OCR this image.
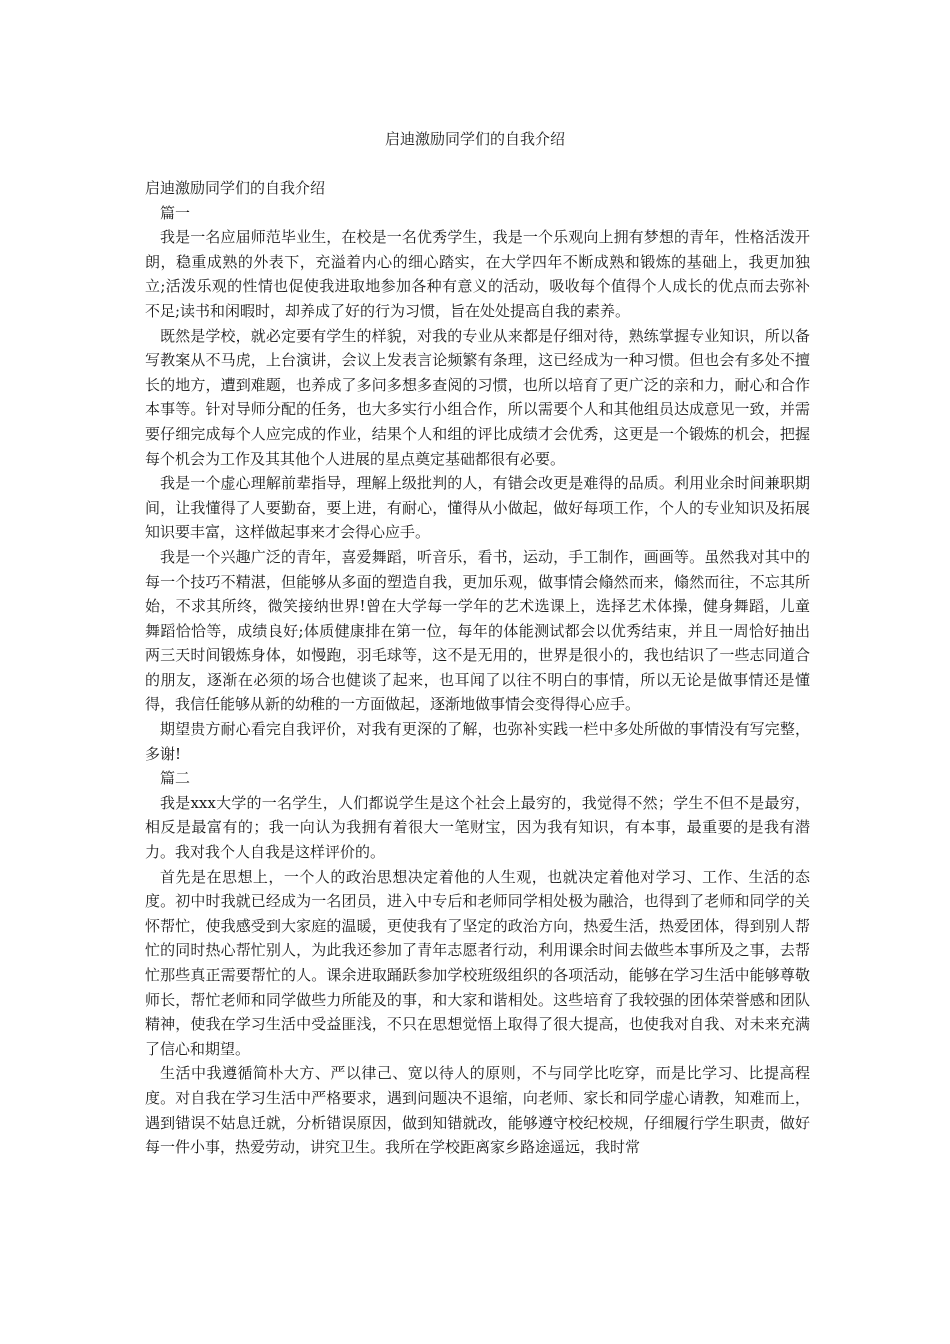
启迪激励同学们的自我介绍

启迪激励同学们的自我介绍

篇一

我是一名应届师范毕业生，在校是一名优秀学生，我是一个乐观向上拥有梦想的青年，性格活泼开朗，稳重成熟的外表下，充溢着内心的细心踏实，在大学四年不断成熟和锻炼的基础上，我更加独立;活泼乐观的性情也促使我进取地参加各种有意义的活动，吸收每个值得个人成长的优点而去弥补不足;读书和闲暇时，却养成了好的行为习惯，旨在处处提高自我的素养。

既然是学校，就必定要有学生的样貌，对我的专业从来都是仔细对待，熟练掌握专业知识，所以备写教案从不马虎，上台演讲，会议上发表言论频繁有条理，这已经成为一种习惯。但也会有多处不擅长的地方，遭到难题，也养成了多问多想多查阅的习惯，也所以培育了更广泛的亲和力，耐心和合作本事等。针对导师分配的任务，也大多实行小组合作，所以需要个人和其他组员达成意见一致，并需要仔细完成每个人应完成的作业，结果个人和组的评比成绩才会优秀，这更是一个锻炼的机会，把握每个机会为工作及其其他个人进展的星点奠定基础都很有必要。

我是一个虚心理解前辈指导，理解上级批判的人，有错会改更是难得的品质。利用业余时间兼职期间，让我懂得了人要勤奋，要上进，有耐心，懂得从小做起，做好每项工作，个人的专业知识及拓展知识要丰富，这样做起事来才会得心应手。

我是一个兴趣广泛的青年，喜爱舞蹈，听音乐，看书，运动，手工制作，画画等。虽然我对其中的每一个技巧不精湛，但能够从多面的塑造自我，更加乐观，做事情会翛然而来，翛然而往，不忘其所始，不求其所终，微笑接纳世界!曾在大学每一学年的艺术选课上，选择艺术体操，健身舞蹈，儿童舞蹈恰恰等，成绩良好;体质健康排在第一位，每年的体能测试都会以优秀结束，并且一周恰好抽出两三天时间锻炼身体，如慢跑，羽毛球等，这不是无用的，世界是很小的，我也结识了一些志同道合的朋友，逐渐在必须的场合也健谈了起来，也耳闻了以往不明白的事情，所以无论是做事情还是懂得，我信任能够从新的幼稚的一方面做起，逐渐地做事情会变得得心应手。

期望贵方耐心看完自我评价，对我有更深的了解，也弥补实践一栏中多处所做的事情没有写完整，多谢!

篇二

我是xxx大学的一名学生，人们都说学生是这个社会上最穷的，我觉得不然；学生不但不是最穷，相反是最富有的；我一向认为我拥有着很大一笔财宝，因为我有知识，有本事，最重要的是我有潜力。我对我个人自我是这样评价的。

首先是在思想上，一个人的政治思想决定着他的人生观，也就决定着他对学习、工作、生活的态度。初中时我就已经成为一名团员，进入中专后和老师同学相处极为融洽，也得到了老师和同学的关怀帮忙，使我感受到大家庭的温暖，更使我有了坚定的政治方向，热爱生活，热爱团体，得到别人帮忙的同时热心帮忙别人，为此我还参加了青年志愿者行动，利用课余时间去做些本事所及之事，去帮忙那些真正需要帮忙的人。课余进取踊跃参加学校班级组织的各项活动，能够在学习生活中能够尊敬师长，帮忙老师和同学做些力所能及的事，和大家和谐相处。这些培育了我较强的团体荣誉感和团队精神，使我在学习生活中受益匪浅，不只在思想觉悟上取得了很大提高，也使我对自我、对未来充满了信心和期望。

生活中我遵循简朴大方、严以律己、宽以待人的原则，不与同学比吃穿，而是比学习、比提高程度。对自我在学习生活中严格要求，遇到问题决不退缩，向老师、家长和同学虚心请教，知难而上，遇到错误不姑息迁就，分析错误原因，做到知错就改，能够遵守校纪校规，仔细履行学生职责，做好每一件小事，热爱劳动，讲究卫生。我所在学校距离家乡路途遥远，我时常
